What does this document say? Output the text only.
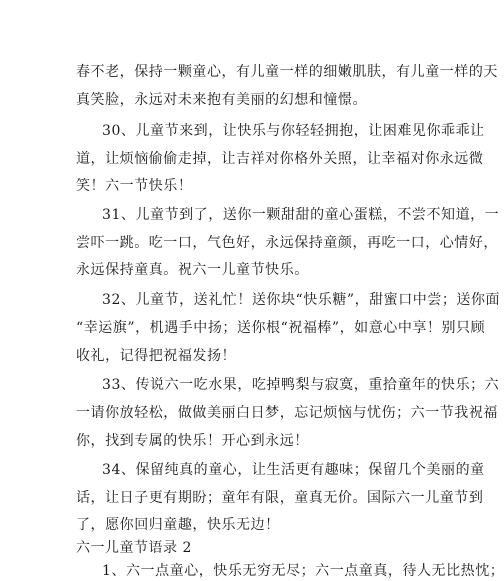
春不老，保持一颗童心，有儿童一样的细嫩肌肤，有儿童一样的天
真笑脸，永远对未来抱有美丽的幻想和憧憬。
30、儿童节来到，让快乐与你轻轻拥抱，让困难见你乖乖让
道，让烦恼偷偷走掉，让吉祥对你格外关照，让幸福对你永远微
笑！六一节快乐！
31、儿童节到了，送你一颗甜甜的童心蛋糕，不尝不知道，一
尝吓一跳。吃一口，气色好，永远保持童颜，再吃一口，心情好，
永远保持童真。祝六一儿童节快乐。
32、儿童节，送礼忙！送你块“快乐糖”，甜蜜口中尝；送你面
“幸运旗”，机遇手中扬；送你根“祝福棒”，如意心中享！别只顾
收礼，记得把祝福发扬！
33、传说六一吃水果，吃掉鸭梨与寂寞，重拾童年的快乐；六
一请你放轻松，做做美丽白日梦，忘记烦恼与忧伤；六一节我祝福
你，找到专属的快乐！开心到永远！
34、保留纯真的童心，让生活更有趣味；保留几个美丽的童
话，让日子更有期盼；童年有限，童真无价。国际六一儿童节到
了，愿你回归童趣，快乐无边！
六一儿童节语录 2
1、六一点童心，快乐无穷无尽；六一点童真，待人无比热忱；
